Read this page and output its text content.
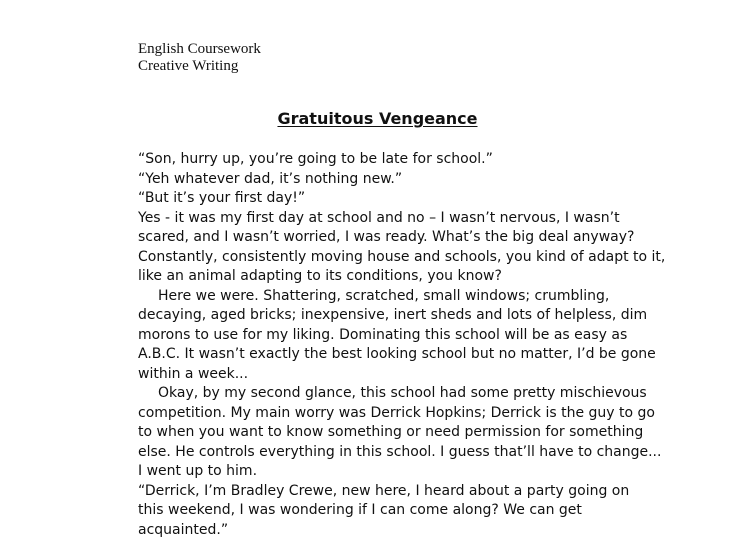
English Coursework
Creative Writing
Gratuitous Vengeance
“Son, hurry up, you’re going to be late for school.”
“Yeh whatever dad, it’s nothing new.”
“But it’s your first day!”
Yes - it was my first day at school and no – I wasn’t nervous, I wasn’t
scared, and I wasn’t worried, I was ready. What’s the big deal anyway?
Constantly, consistently moving house and schools, you kind of adapt to it,
like an animal adapting to its conditions, you know?
Here we were. Shattering, scratched, small windows; crumbling,
decaying, aged bricks; inexpensive, inert sheds and lots of helpless, dim
morons to use for my liking. Dominating this school will be as easy as
A.B.C. It wasn’t exactly the best looking school but no matter, I’d be gone
within a week...
Okay, by my second glance, this school had some pretty mischievous
competition. My main worry was Derrick Hopkins; Derrick is the guy to go
to when you want to know something or need permission for something
else. He controls everything in this school. I guess that’ll have to change...
I went up to him.
“Derrick, I’m Bradley Crewe, new here, I heard about a party going on
this weekend, I was wondering if I can come along? We can get
acquainted.”
